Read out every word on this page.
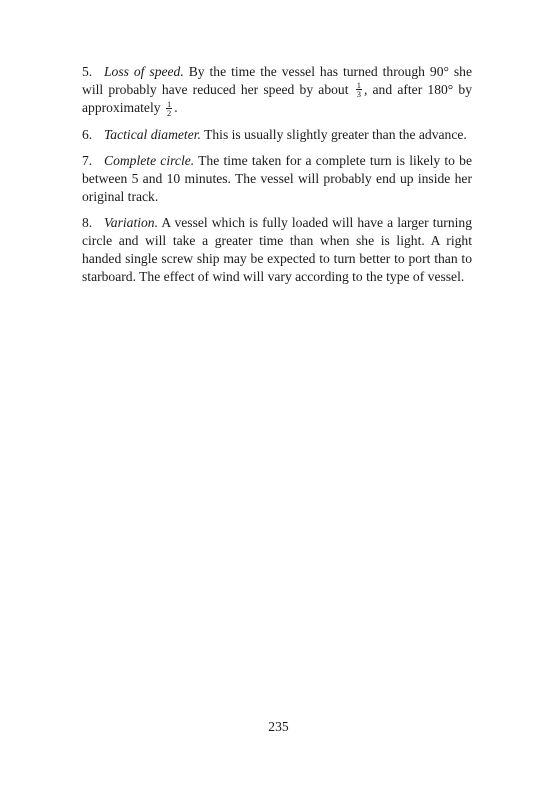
5. Loss of speed. By the time the vessel has turned through 90° she will probably have reduced her speed by about $\frac{1}{3}$ , and after 180° by approximately $\frac{1}{2}$ .

6. Tactical diameter. This is usually slightly greater than the advance.

7. Complete circle. The time taken for a complete turn is likely to be between 5 and 10 minutes. The vessel will probably end up inside her original track.

8. Variation. A vessel which is fully loaded will have a larger turning circle and will take a greater time than when she is light. A right handed single screw ship may be expected to turn better to port than to starboard. The effect of wind will vary according to the type of vessel.

235
